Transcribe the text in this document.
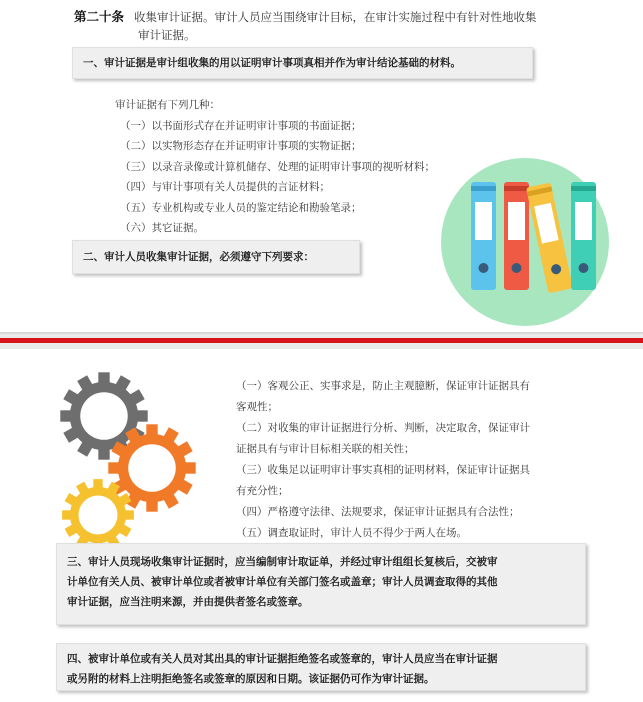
第二十条 收集审计证据。审计人员应当围绕审计目标，在审计实施过程中有针对性地收集
审计证据。
一、审计证据是审计组收集的用以证明审计事项真相并作为审计结论基础的材料。
审计证据有下列几种：
（一）以书面形式存在并证明审计事项的书面证据；
（二）以实物形态存在并证明审计事项的实物证据；
（三）以录音录像或计算机储存、处理的证明审计事项的视听材料；
（四）与审计事项有关人员提供的言证材料；
（五）专业机构或专业人员的鉴定结论和勘验笔录；
（六）其它证据。
二、审计人员收集审计证据，必须遵守下列要求：
（一）客观公正、实事求是，防止主观臆断，保证审计证据具有
客观性；
（二）对收集的审计证据进行分析、判断，决定取舍，保证审计
证据具有与审计目标相关联的相关性；
（三）收集足以证明审计事实真相的证明材料，保证审计证据具
有充分性；
（四）严格遵守法律、法规要求，保证审计证据具有合法性；
（五）调查取证时，审计人员不得少于两人在场。
三、审计人员现场收集审计证据时，应当编制审计取证单，并经过审计组组长复核后，交被审
计单位有关人员、被审计单位或者被审计单位有关部门签名或盖章；审计人员调查取得的其他
审计证据，应当注明来源，并由提供者签名或签章。
四、被审计单位或有关人员对其出具的审计证据拒绝签名或签章的，审计人员应当在审计证据
或另附的材料上注明拒绝签名或签章的原因和日期。该证据仍可作为审计证据。
